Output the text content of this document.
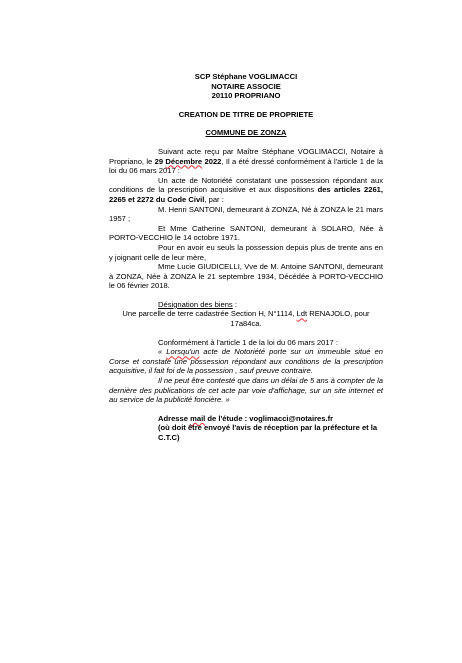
SCP Stéphane VOGLIMACCI
NOTAIRE ASSOCIE
20110 PROPRIANO
CREATION DE TITRE DE PROPRIETE
COMMUNE DE ZONZA

Suivant acte reçu par Maître Stéphane VOGLIMACCI, Notaire à Propriano, le 29 Décembre 2022, Il a été dressé conformément à l'article 1 de la loi du 06 mars 2017 :

Un acte de Notoriété constatant une possession répondant aux conditions de la prescription acquisitive et aux dispositions des articles 2261, 2265 et 2272 du Code Civil, par :

M. Henri SANTONI, demeurant à ZONZA, Né à ZONZA le 21 mars 1957 ;

Et Mme Catherine SANTONI, demeurant à SOLARO, Née à PORTO-VECCHIO le 14 octobre 1971.

Pour en avoir eu seuls la possession depuis plus de trente ans en y joignant celle de leur mère,

Mme Lucie GIUDICELLI, Vve de M. Antoine SANTONI, demeurant à ZONZA, Née à ZONZA le 21 septembre 1934, Décédée à PORTO-VECCHIO le 06 février 2018.

Désignation des biens :

Une parcelle de terre cadastrée Section H, N°1114, Ldt RENAJOLO, pour 17a84ca.

Conformément à l'article 1 de la loi du 06 mars 2017 :

« Lorsqu'un acte de Notoriété porte sur un immeuble situé en Corse et constate une possession répondant aux conditions de la prescription acquisitive, il fait foi de la possession , sauf preuve contraire.

Il ne peut être contesté que dans un délai de 5 ans à compter de la dernière des publications de cet acte par voie d'affichage, sur un site internet et au service de la publicité foncière. »

Adresse mail de l'étude : voglimacci@notaires.fr
(où doit être envoyé l'avis de réception par la préfecture et la C.T.C)
